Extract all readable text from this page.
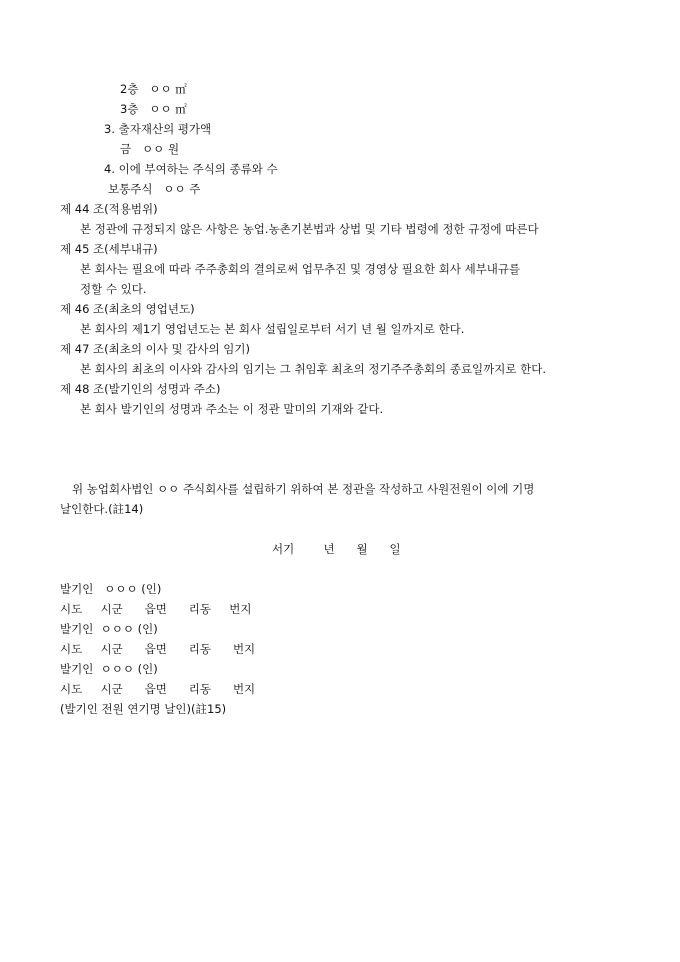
2층   ㅇㅇ ㎡
3층   ㅇㅇ ㎡
3. 출자재산의 평가액
금   ㅇㅇ 원
4. 이에 부여하는 주식의 종류와 수
보통주식   ㅇㅇ 주
제 44 조(적용범위)
본 정관에 규정되지 않은 사항은 농업.농촌기본법과 상법 및 기타 법령에 정한 규정에 따른다
제 45 조(세부내규)
본 회사는 필요에 따라 주주총회의 결의로써 업무추진 및 경영상 필요한 회사 세부내규를
정할 수 있다.
제 46 조(최초의 영업년도)
본 회사의 제1기 영업년도는 본 회사 설립일로부터 서기 년 월 일까지로 한다.
제 47 조(최초의 이사 및 감사의 임기)
본 회사의 최초의 이사와 감사의 임기는 그 취임후 최초의 정기주주총회의 종료일까지로 한다.
제 48 조(발기인의 성명과 주소)
본 회사 발기인의 성명과 주소는 이 정관 말미의 기재와 같다.
위 농업회사법인 ㅇㅇ 주식회사를 설립하기 위하여 본 정관을 작성하고 사원전원이 이에 기명
날인한다.(註14)
서기        년      월      일
발기인   ㅇㅇㅇ (인)
시도     시군      읍면      리동     번지
발기인  ㅇㅇㅇ (인)
시도     시군      읍면      리동      번지
발기인  ㅇㅇㅇ (인)
시도     시군      읍면      리동      번지
(발기인 전원 연기명 날인)(註15)
